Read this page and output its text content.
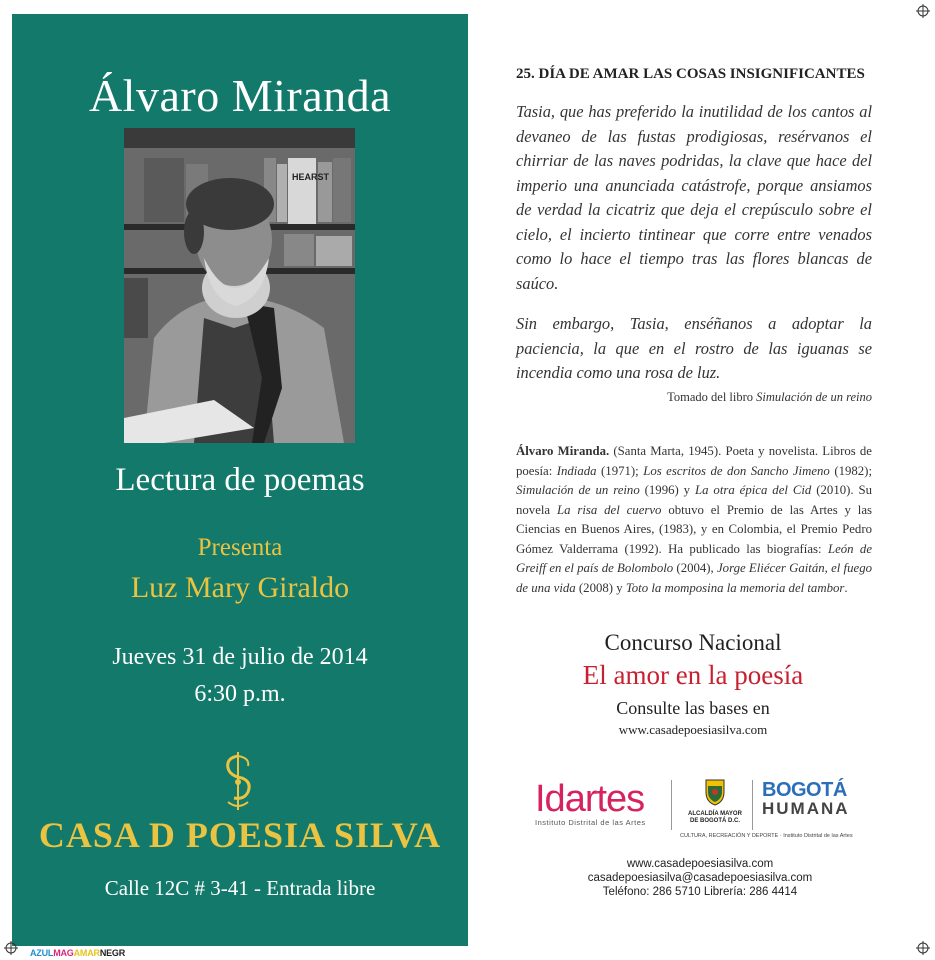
Álvaro Miranda
HEARST
Lectura de poemas
Presenta
Luz Mary Giraldo
Jueves 31 de julio de 2014
6:30 p.m.
CASA D POESIA SILVA
Calle 12C # 3-41 - Entrada libre
25. DÍA DE AMAR LAS COSAS INSIGNIFICANTES
Tasia, que has preferido la inutilidad de los cantos al devaneo de las fustas prodigiosas, resérvanos el chirriar de las naves podridas, la clave que hace del imperio una anunciada catástrofe, porque ansiamos de verdad la cicatriz que deja el crepúsculo sobre el cielo, el incierto tintinear que corre entre venados como lo hace el tiempo tras las flores blancas de saúco.
Sin embargo, Tasia, enséñanos a adoptar la paciencia, la que en el rostro de las iguanas se incendia como una rosa de luz.
Tomado del libro Simulación de un reino
Álvaro Miranda. (Santa Marta, 1945). Poeta y novelista. Libros de poesía: Indiada (1971); Los escritos de don Sancho Jimeno (1982); Simulación de un reino (1996) y La otra épica del Cid (2010). Su novela La risa del cuervo obtuvo el Premio de las Artes y las Ciencias en Buenos Aires, (1983), y en Colombia, el Premio Pedro Gómez Valderrama (1992). Ha publicado las biografías: León de Greiff en el país de Bolombolo (2004), Jorge Eliécer Gaitán, el fuego de una vida (2008) y Toto la momposina la memoria del tambor.
Concurso Nacional
El amor en la poesía
Consulte las bases en
www.casadepoesiasilva.com
Idartes
Instituto Distrital de las Artes
ALCALDÍA MAYOR
DE BOGOTÁ D.C.
BOGOTÁ
HUMANA
CULTURA, RECREACIÓN Y DEPORTE · Instituto Distrital de las Artes
www.casadepoesiasilva.com
casadepoesiasilva@casadepoesiasilva.com
Teléfono: 286 5710 Librería: 286 4414
AZULMAGAMARNEGR
